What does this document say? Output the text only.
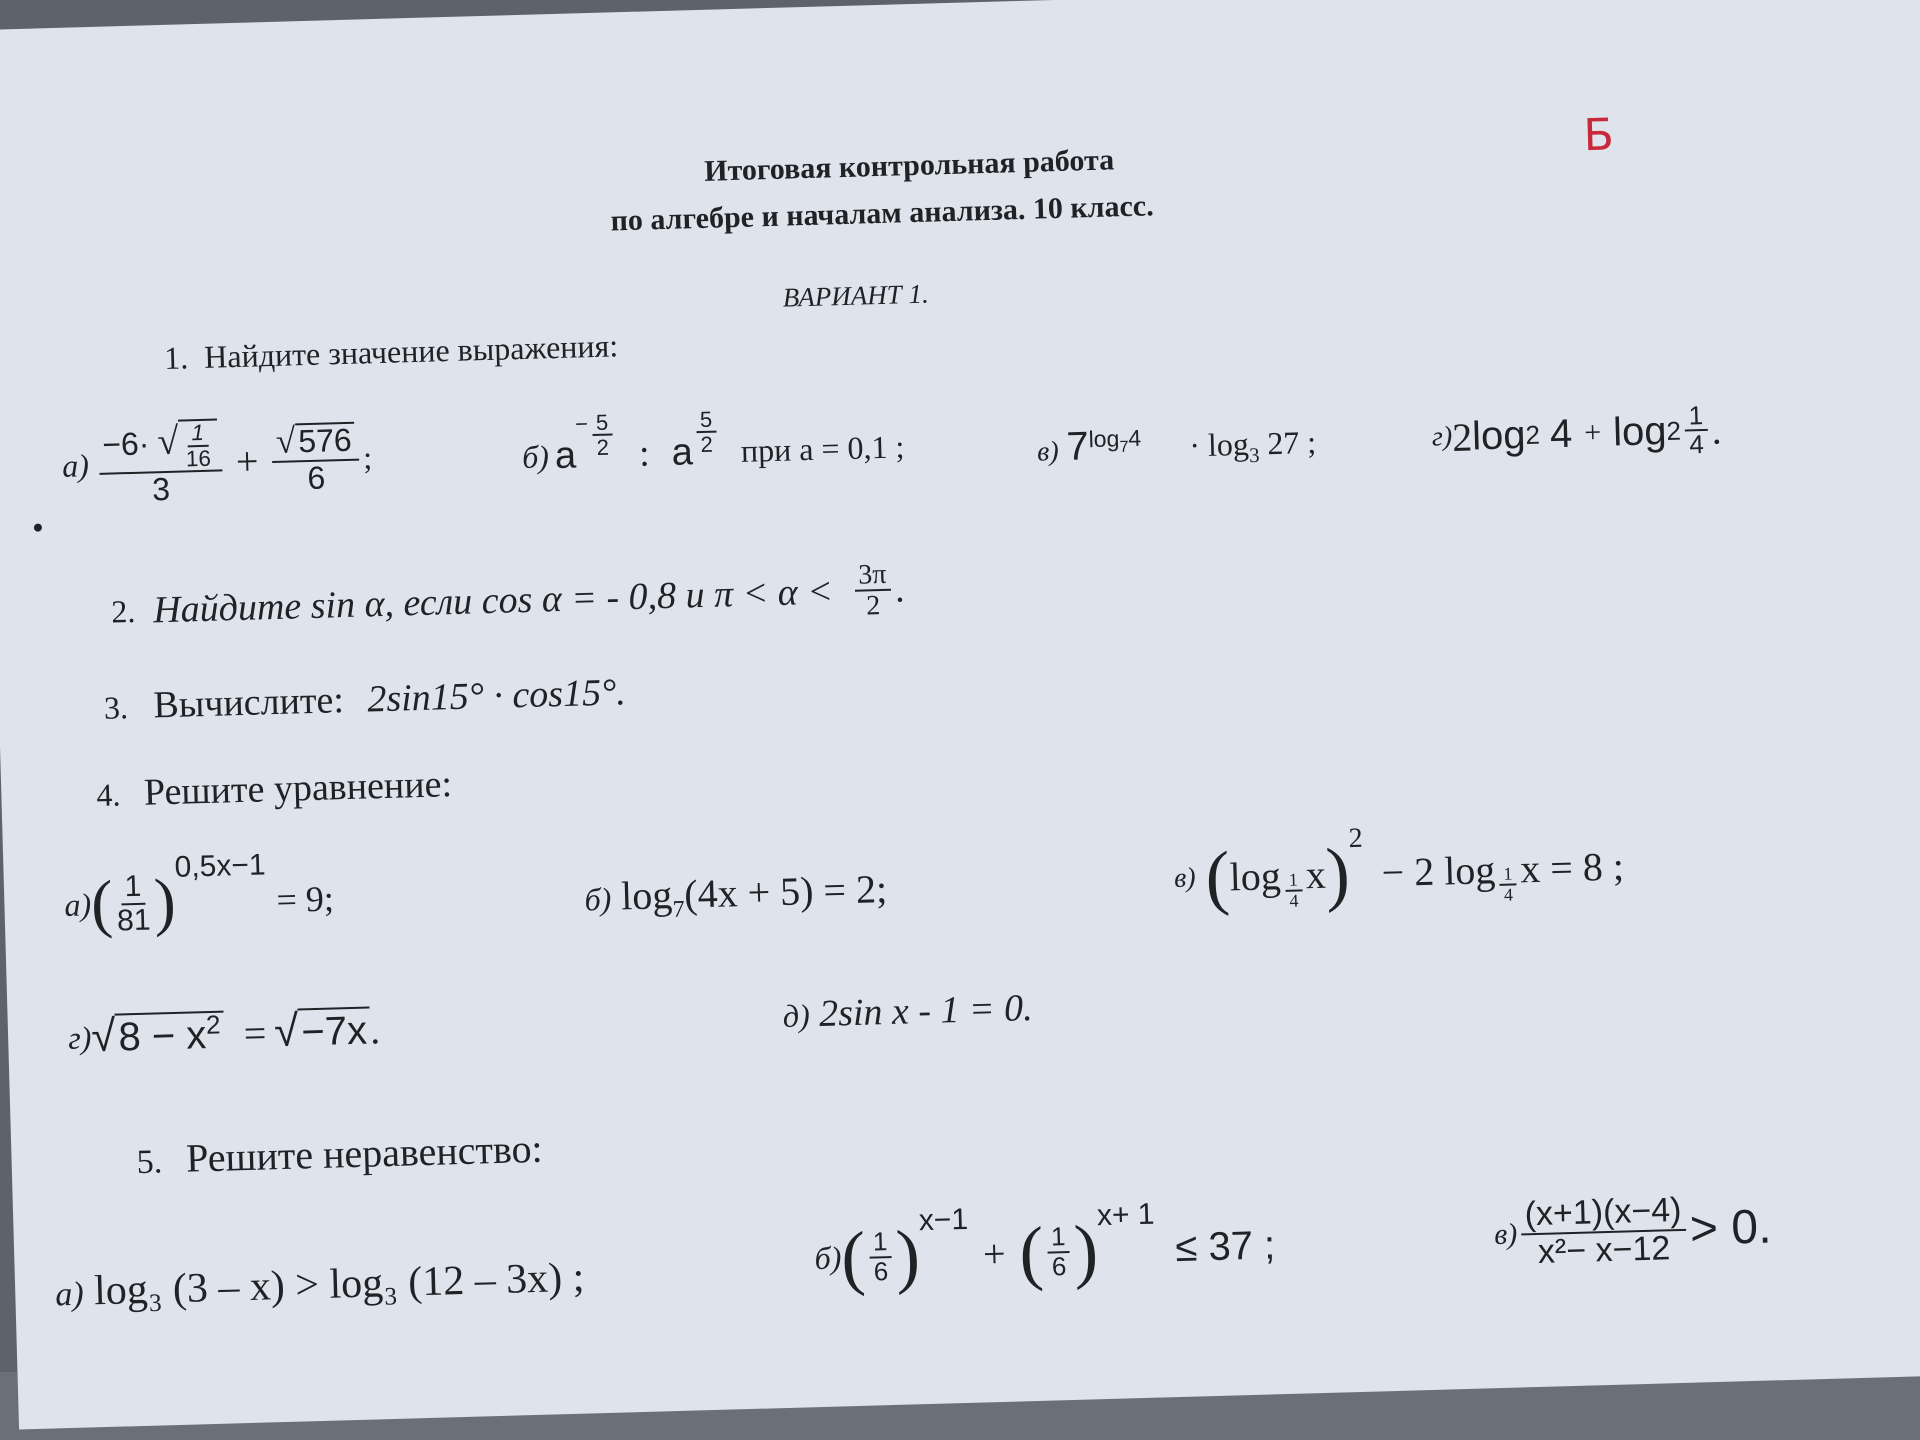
Итоговая контрольная работа
по алгебре и началам анализа. 10 класс.
ВАРИАНТ 1.
Б
1. Найдите значение выражения:
$а) \frac{-6\cdot √ \frac{1}{16}}{3} + \frac{√576}{6}$ ;	б) a
− $\frac{5}{2}$ : a $\frac{5}{2}$ при a = 0,1 ;	в) $7^{log_74} \cdot \log_3 27$ ;	г)
2
log
2 4 + log
$2 \frac{1}{4}$ .
2. Найдите sin α, если cos α = - 0,8 и $\pi < \alpha < \frac{3\pi}{2}$ .
3. Вычислите: 2sin15° · cos15°.
4. Решите уравнение:
а)
( $\frac{1}{81}$ )
0,5x−1
= 9;	б) $\log_7(4x + 5) = 2$;	в) (
$\log \frac{1}{4}$ x
)
2
− 2 $\log \frac{1}{4}$ x = 8 ;
г)
√ $8 - x^2$ = √ −7x .	д) 2sin x - 1 = 0.
5. Решите неравенство:
а) log₃ (3 – x) > log₃ (12 – 3x) ;	б)
( $\frac{1}{6}$ )
x−1
+ ( $\frac{1}{6}$ )
x+ 1
≤ 37 ;	$в) \frac{(x+1)(x-4)}{\text{x²− x−12}} > 0$.
